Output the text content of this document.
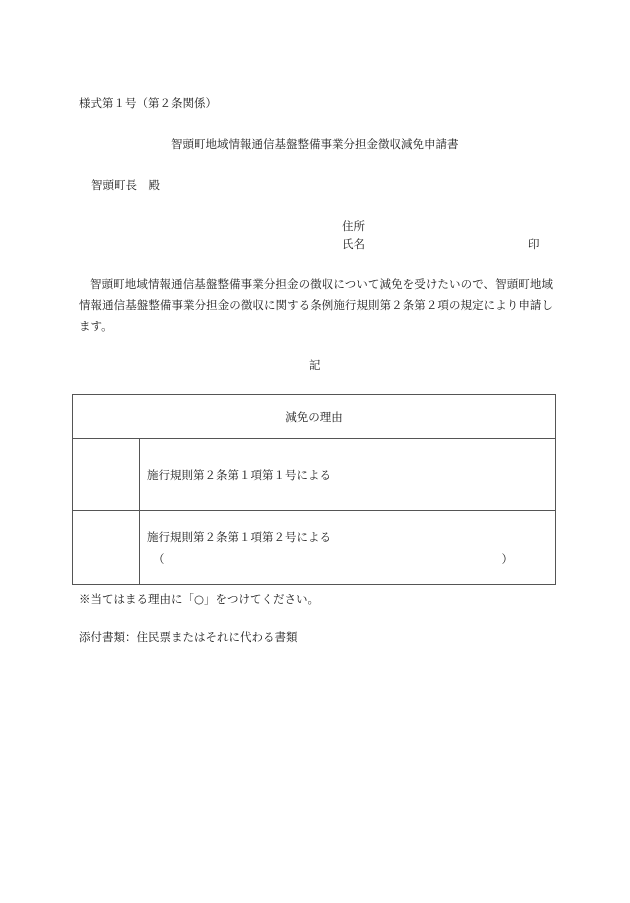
様式第１号（第２条関係）
智頭町地域情報通信基盤整備事業分担金徴収減免申請書
智頭町長　殿
住所
氏名	印
智頭町地域情報通信基盤整備事業分担金の徴収について減免を受けたいので、智頭町地域情報通信基盤整備事業分担金の徴収に関する条例施行規則第２条第２項の規定により申請します。
記
減免の理由	
	施行規則第２条第１項第１号による

	施行規則第２条第１項第２号による
（ ）
※当てはまる理由に「○」をつけてください。
添付書類：住民票またはそれに代わる書類
